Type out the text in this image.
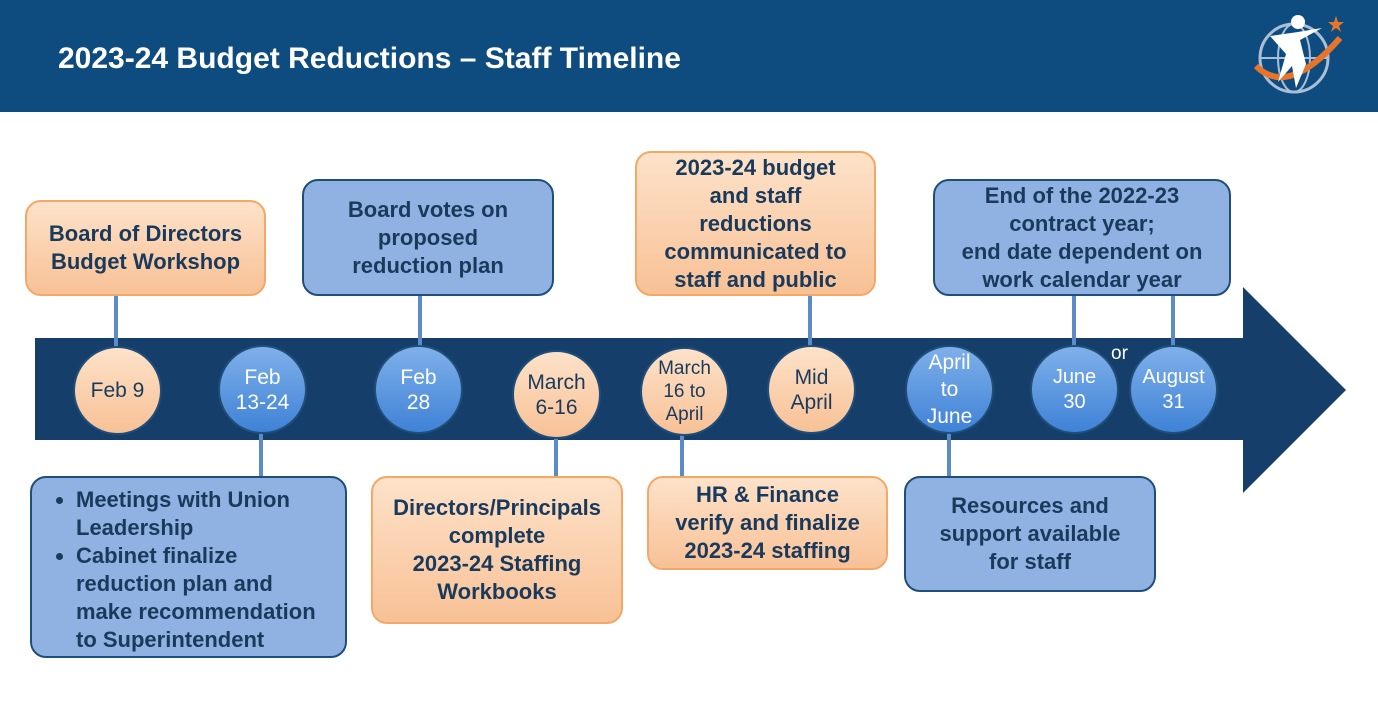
2023-24 Budget Reductions – Staff Timeline
Board of Directors
Budget Workshop
Board votes on
proposed
reduction plan
2023-24 budget
and staff
reductions
communicated to
staff and public
End of the 2022-23
contract year;
end date dependent on
work calendar year
• Meetings with Union Leadership
• Cabinet finalize reduction plan and make recommendation to Superintendent
Directors/Principals
complete
2023-24 Staffing
Workbooks
HR & Finance
verify and finalize
2023-24 staffing
Resources and
support available
for staff
Feb 9
Feb
13-24
Feb
28
March
6-16
March
16 to
April
Mid
April
April
to
June
June
30
or
August
31
